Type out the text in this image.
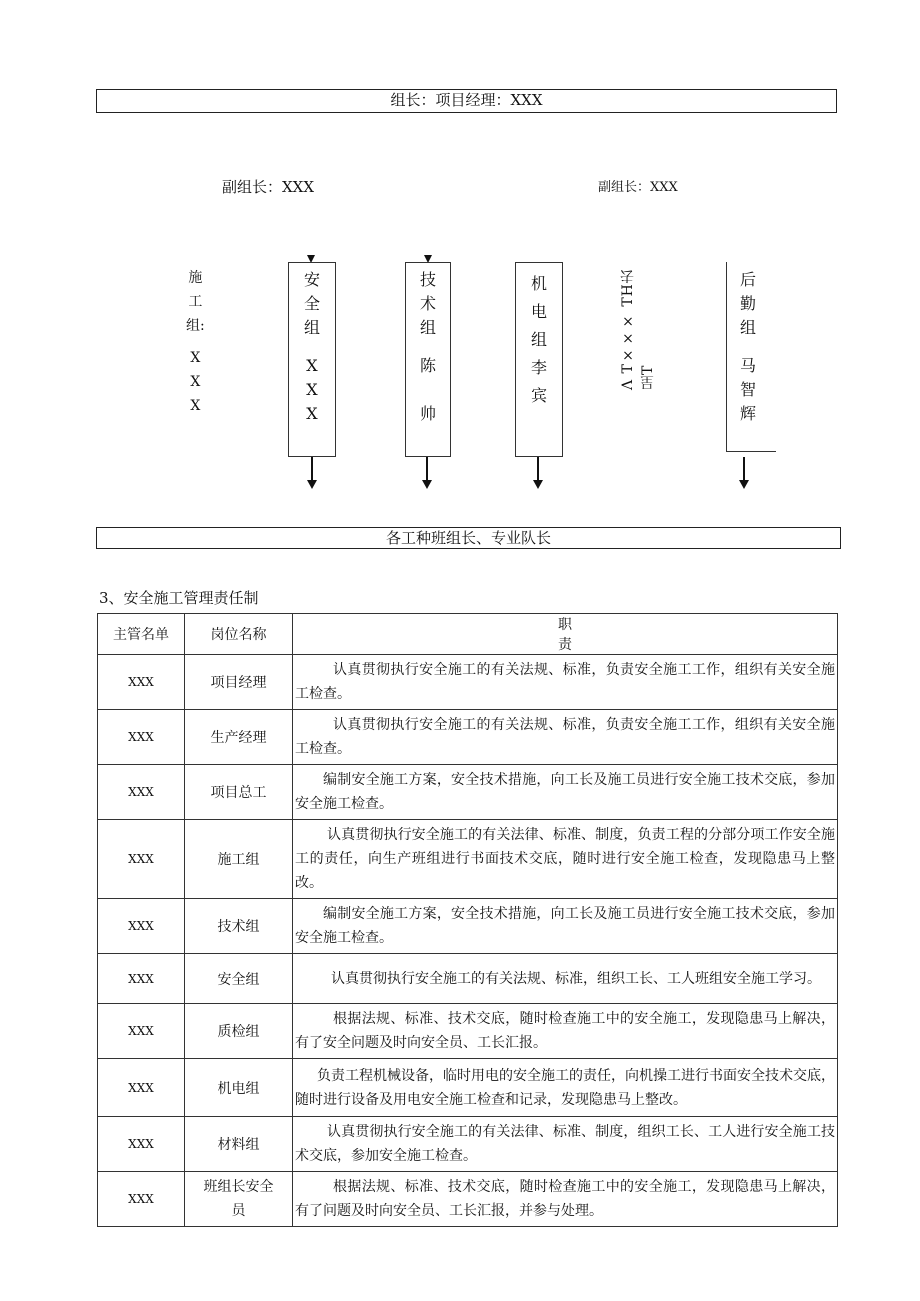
组长：项目经理：XXX
副组长：XXX	副组长：XXX
施
工
组:
X
X
X
安
全
组
X
X
X
技
术
组
陈
帅
机
电
组
李
宾
Λ T××× TH去呈T
后
勤
组
马
智
辉
各工种班组长、专业队长
3、安全施工管理责任制
主管名单	岗位名称	职责
XXX	项目经理	认真贯彻执行安全施工的有关法规、标准，负责安全施工工作，组织有关安全施工检查。
XXX	生产经理	认真贯彻执行安全施工的有关法规、标准，负责安全施工工作，组织有关安全施工检查。
XXX	项目总工	编制安全施工方案，安全技术措施，向工长及施工员进行安全施工技术交底，参加安全施工检查。
XXX	施工组	认真贯彻执行安全施工的有关法律、标准、制度，负责工程的分部分项工作安全施工的责任，向生产班组进行书面技术交底，随时进行安全施工检查，发现隐患马上整改。
XXX	技术组	编制安全施工方案，安全技术措施，向工长及施工员进行安全施工技术交底，参加安全施工检查。
XXX	安全组	认真贯彻执行安全施工的有关法规、标准，组织工长、工人班组安全施工学习。
XXX	质检组	根据法规、标准、技术交底，随时检查施工中的安全施工，发现隐患马上解决，有了安全问题及时向安全员、工长汇报。
XXX	机电组	负责工程机械设备，临时用电的安全施工的责任，向机操工进行书面安全技术交底，随时进行设备及用电安全施工检查和记录，发现隐患马上整改。
XXX	材料组	认真贯彻执行安全施工的有关法律、标准、制度，组织工长、工人进行安全施工技术交底，参加安全施工检查。
XXX	班组长安全员	根据法规、标准、技术交底，随时检查施工中的安全施工，发现隐患马上解决，有了问题及时向安全员、工长汇报，并参与处理。
